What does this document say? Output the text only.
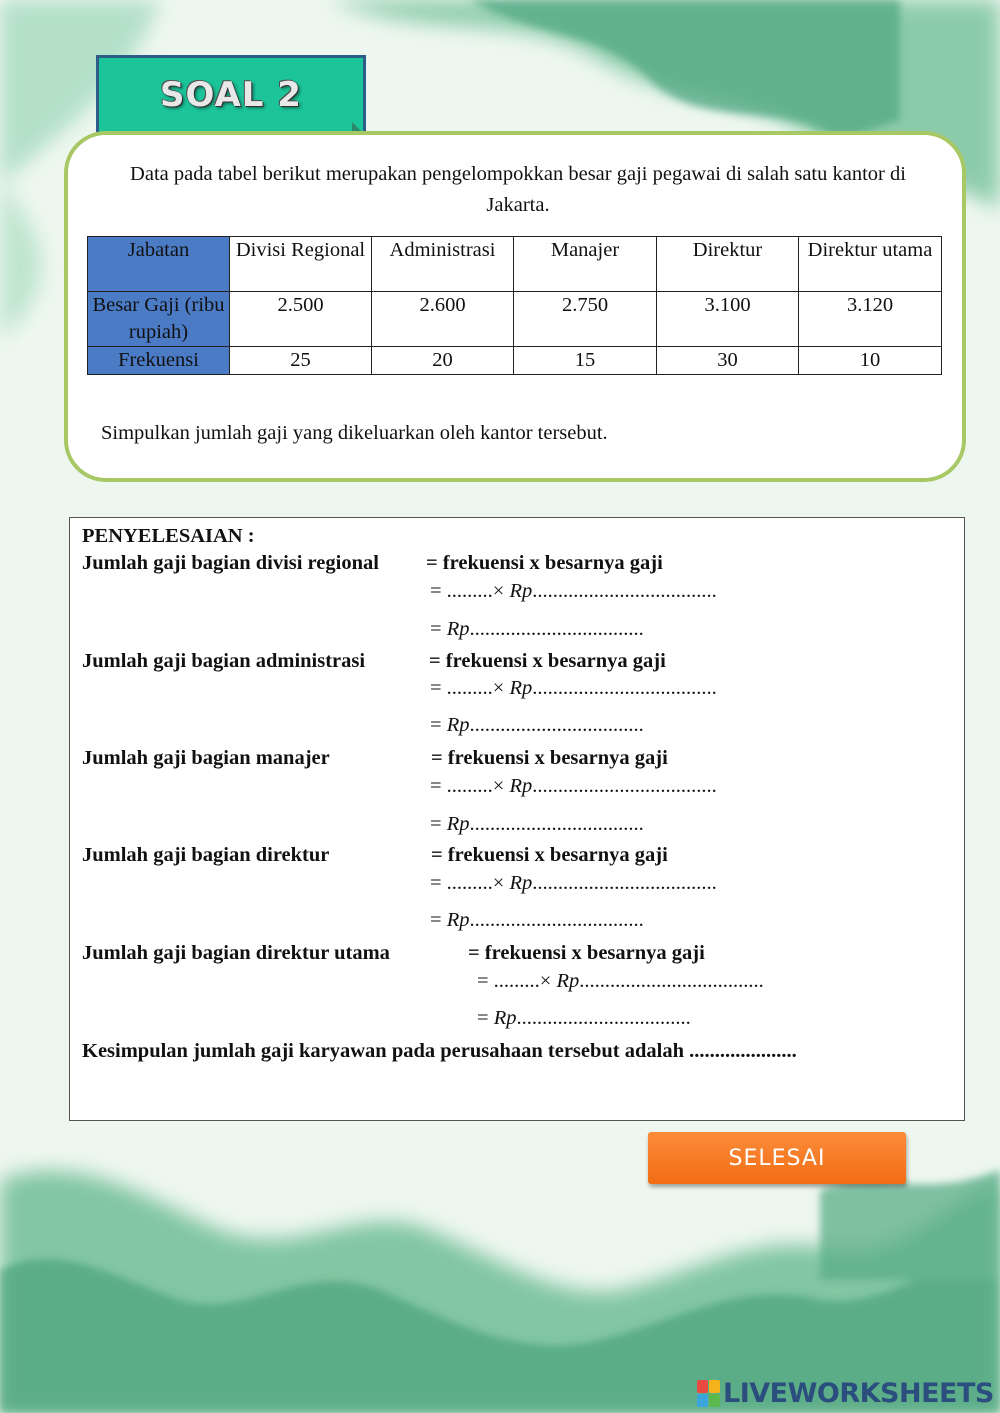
SOAL 2
Data pada tabel berikut merupakan pengelompokkan besar gaji pegawai di salah satu kantor di Jakarta.
Jabatan	Divisi Regional	Administrasi	Manajer	Direktur	Direktur utama
Besar Gaji (ribu rupiah)	2.500	2.600	2.750	3.100	3.120
Frekuensi	25	20	15	30	10
Simpulkan jumlah gaji yang dikeluarkan oleh kantor tersebut.
PENYELESAIAN :
Jumlah gaji bagian divisi regional = frekuensi x besarnya gaji
= .........× Rp....................................
= Rp..................................
Jumlah gaji bagian administrasi	= frekuensi x besarnya gaji
= .........× Rp....................................
= Rp..................................
Jumlah gaji bagian manajer	= frekuensi x besarnya gaji
= .........× Rp....................................
= Rp..................................
Jumlah gaji bagian direktur	= frekuensi x besarnya gaji
= .........× Rp....................................
= Rp..................................
Jumlah gaji bagian direktur utama	= frekuensi x besarnya gaji
= .........× Rp....................................
= Rp..................................
Kesimpulan jumlah gaji karyawan pada perusahaan tersebut adalah .....................
SELESAI
LIVEWORKSHEETS
